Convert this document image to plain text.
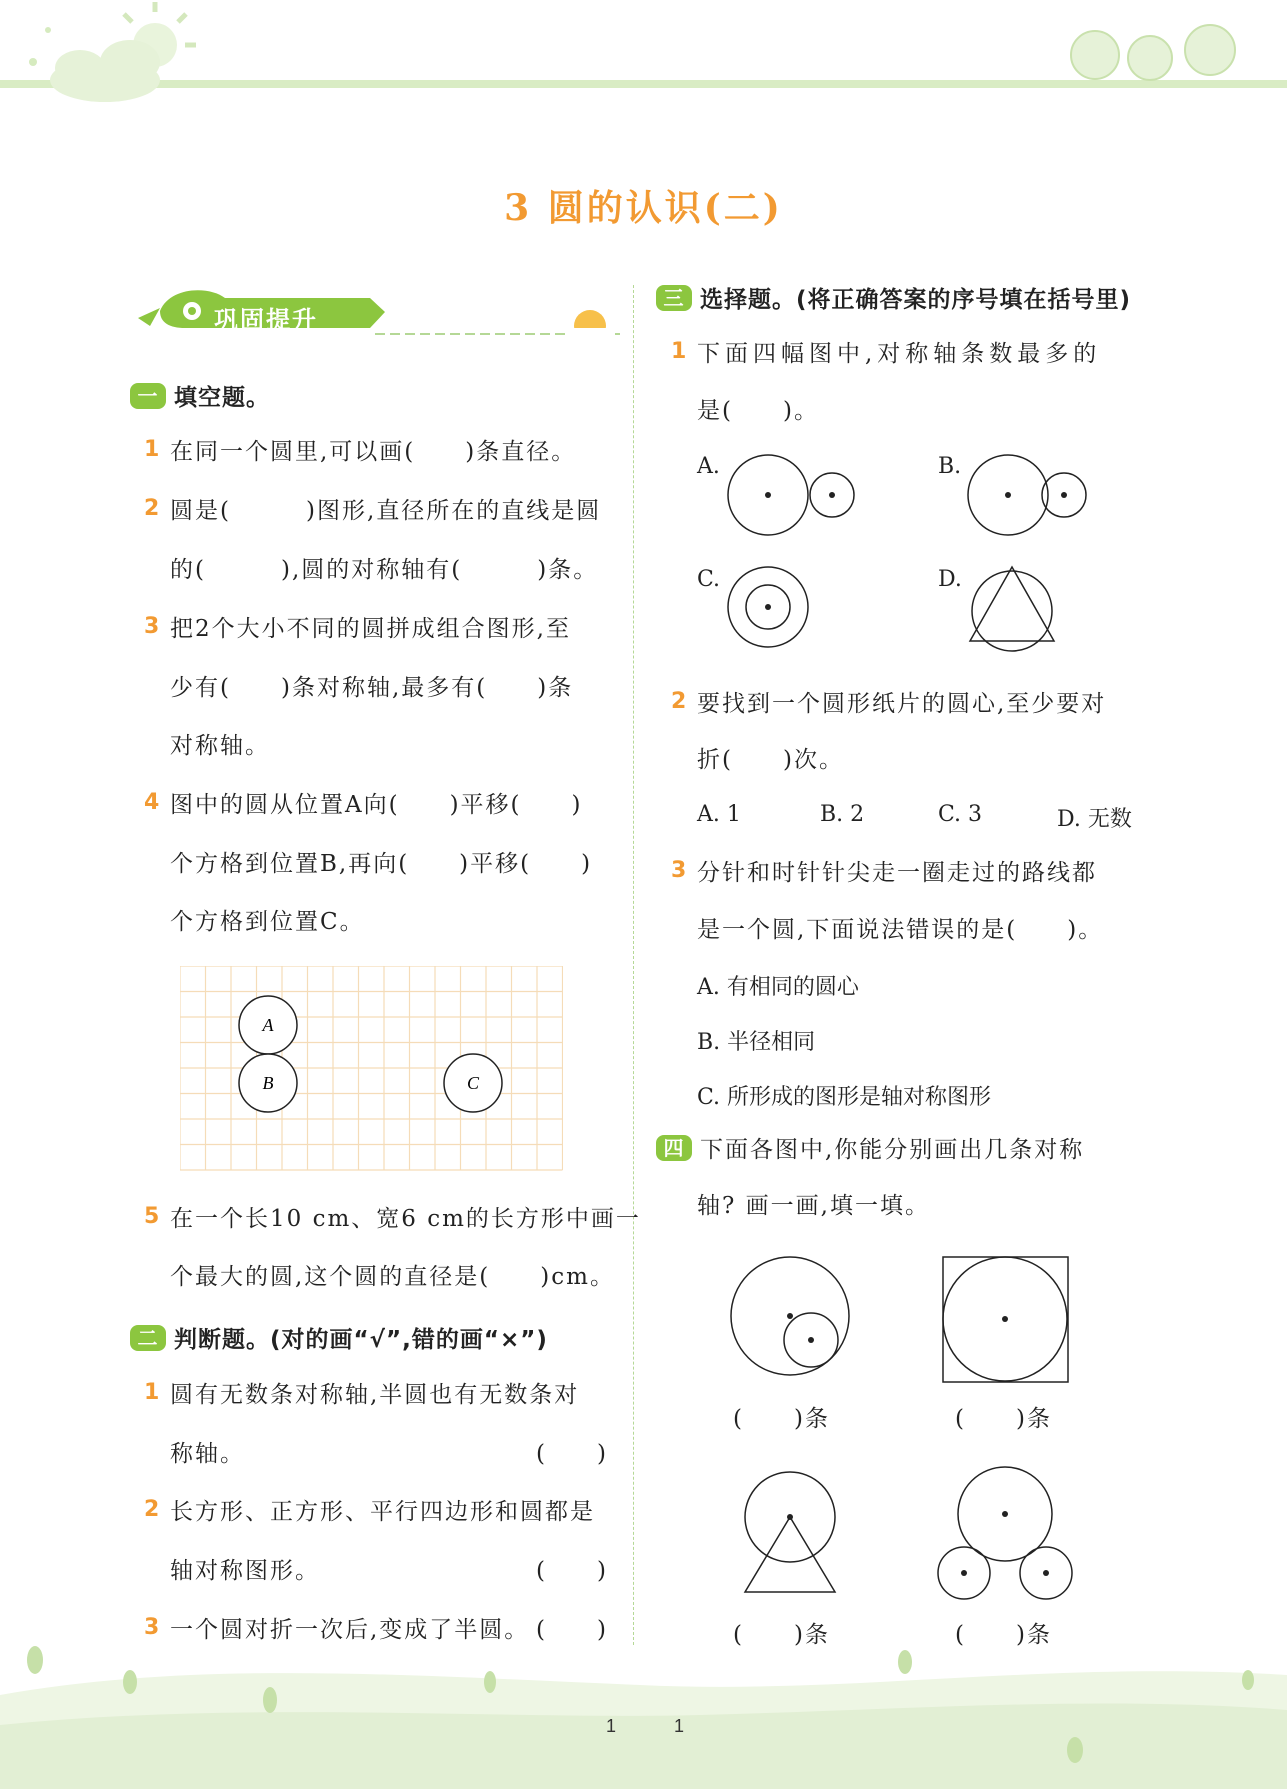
3 圆的认识(二)
巩固提升
一 填空题。
1 在同一个圆里,可以画(　　)条直径。
2 圆是(　　　)图形,直径所在的直线是圆
的(　　　),圆的对称轴有(　　　)条。
3 把2个大小不同的圆拼成组合图形,至
少有(　　)条对称轴,最多有(　　)条
对称轴。
4 图中的圆从位置A向(　　)平移(　　)
个方格到位置B,再向(　　)平移(　　)
个方格到位置C。
A
B	C
5 在一个长10 cm、宽6 cm的长方形中画一
个最大的圆,这个圆的直径是(　　)cm。
二 判断题。(对的画“√”,错的画“×”)
1 圆有无数条对称轴,半圆也有无数条对
称轴。	(　　)
2 长方形、正方形、平行四边形和圆都是
轴对称图形。	(　　)
3 一个圆对折一次后,变成了半圆。 (　　)
三 选择题。(将正确答案的序号填在括号里)
1 下面四幅图中,对称轴条数最多的
是(　　)。
A.	B.
C.	D.
2 要找到一个圆形纸片的圆心,至少要对
折(　　)次。
A. 1	B. 2	C. 3	D. 无数
3 分针和时针针尖走一圈走过的路线都
是一个圆,下面说法错误的是(　　)。
A. 有相同的圆心
B. 半径相同
C. 所形成的图形是轴对称图形
四 下面各图中,你能分别画出几条对称
轴? 画一画,填一填。
(　　)条	(　　)条
(　　)条	(　　)条
1	1
